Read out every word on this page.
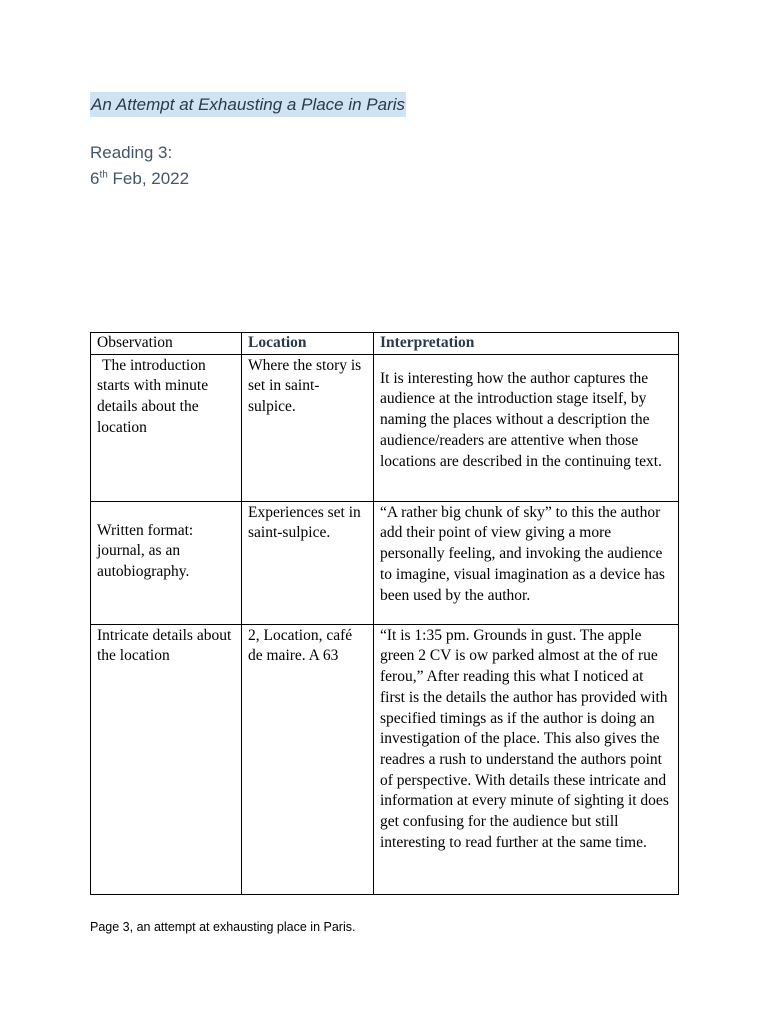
An Attempt at Exhausting a Place in Paris
Reading 3:
6th Feb, 2022
Observation	Location	Interpretation
The introduction starts with minute details about the location	Where the story is set in saint-sulpice.	It is interesting how the author captures the audience at the introduction stage itself, by naming the places without a description the audience/readers are attentive when those locations are described in the continuing text.

Written format: journal, as an autobiography.	Experiences set in saint-sulpice.	“A rather big chunk of sky” to this the author add their point of view giving a more personally feeling, and invoking the audience to imagine, visual imagination as a device has been used by the author.
Intricate details about the location	2, Location, café de maire. A 63	“It is 1:35 pm. Grounds in gust. The apple green 2 CV is ow parked almost at the of rue ferou,” After reading this what I noticed at first is the details the author has provided with specified timings as if the author is doing an investigation of the place. This also gives the readres a rush to understand the authors point of perspective. With details these intricate and information at every minute of sighting it does get confusing for the audience but still interesting to read further at the same time.
Page 3, an attempt at exhausting place in Paris.
